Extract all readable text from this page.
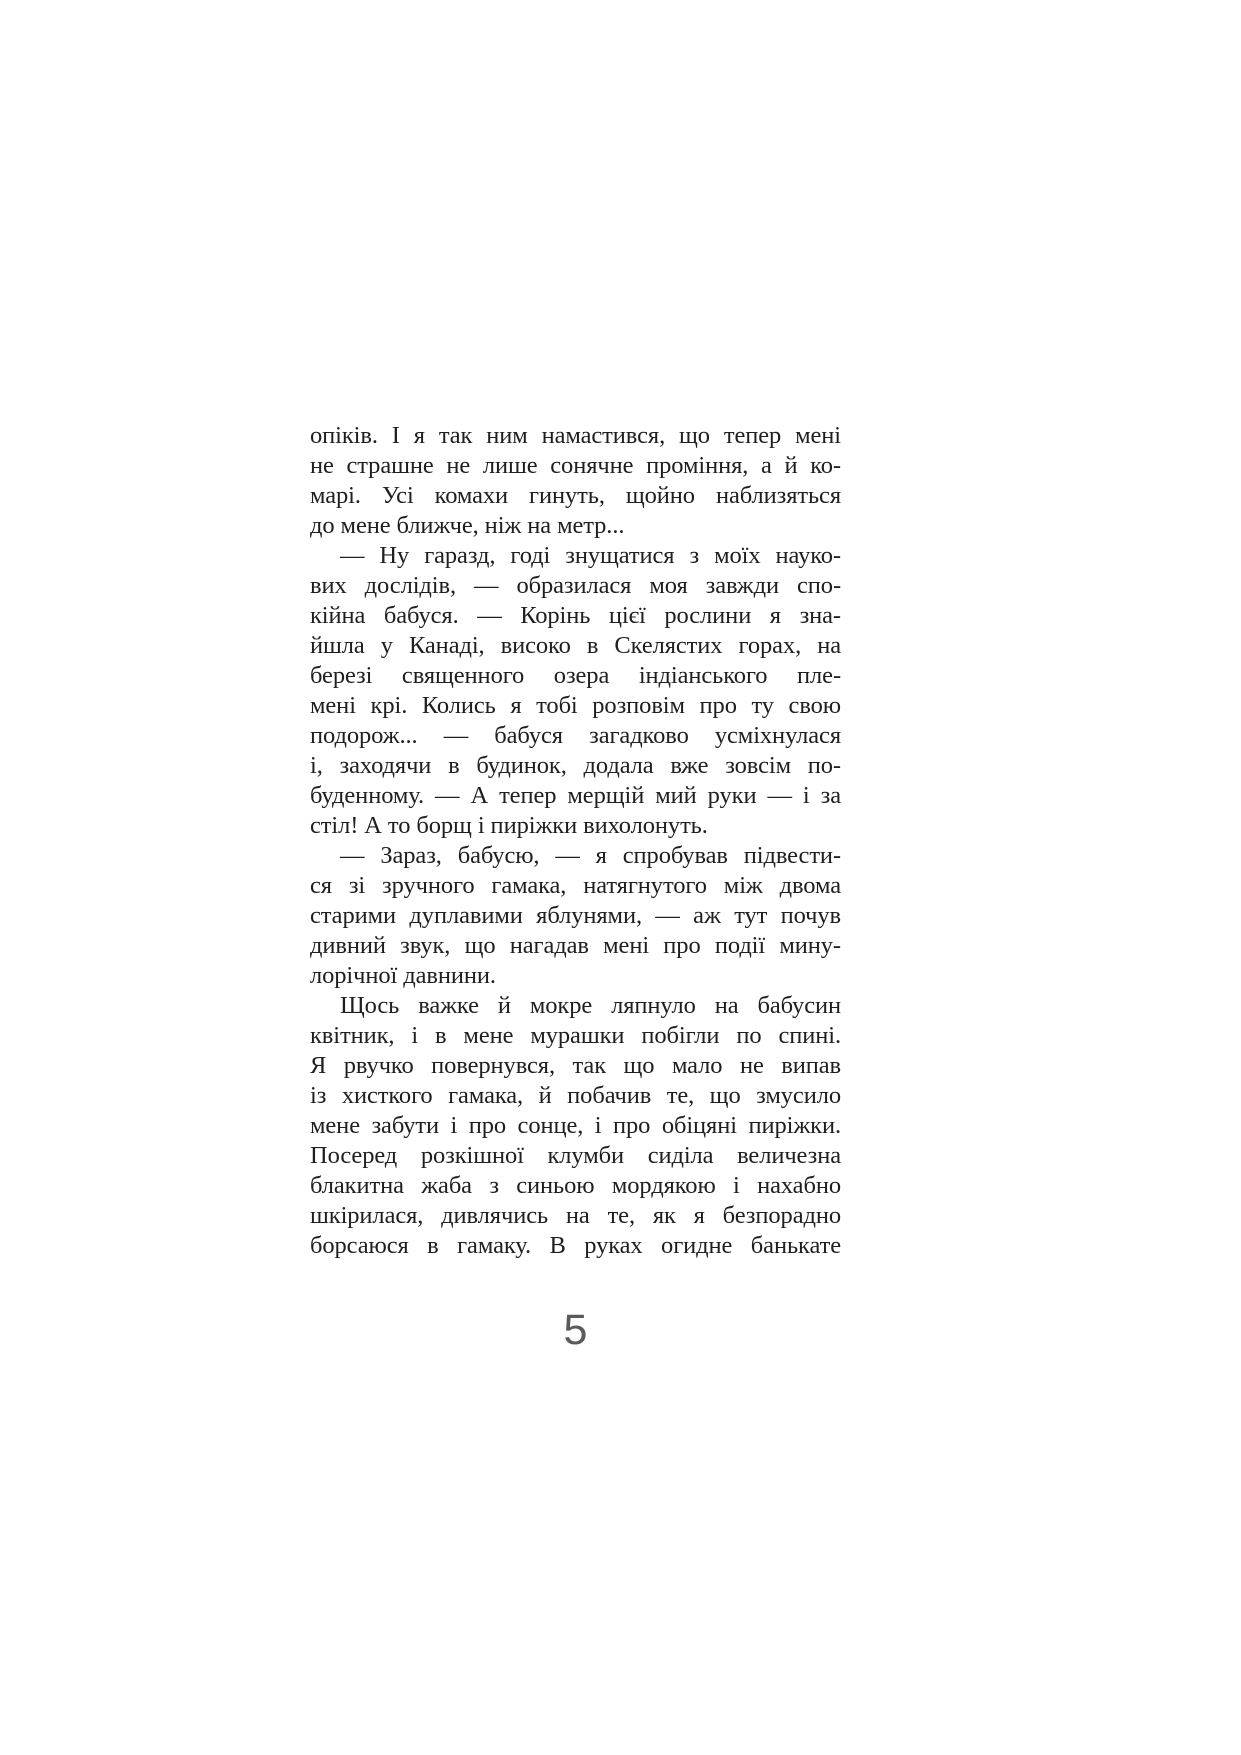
опіків. І я так ним намастився, що тепер мені
не страшне не лише сонячне проміння, а й ко-
марі. Усі комахи гинуть, щойно наблизяться
до мене ближче, ніж на метр...
— Ну гаразд, годі знущатися з моїх науко-
вих дослідів, — образилася моя завжди спо-
кійна бабуся. — Корінь цієї рослини я зна-
йшла у Канаді, високо в Скелястих горах, на
березі священного озера індіанського пле-
мені крі. Колись я тобі розповім про ту свою
подорож... — бабуся загадково усміхнулася
і, заходячи в будинок, додала вже зовсім по-
буденному. — А тепер мерщій мий руки — і за
стіл! А то борщ і пиріжки вихолонуть.
— Зараз, бабусю, — я спробував підвести-
ся зі зручного гамака, натягнутого між двома
старими дуплавими яблунями, — аж тут почув
дивний звук, що нагадав мені про події мину-
лорічної давнини.
Щось важке й мокре ляпнуло на бабусин
квітник, і в мене мурашки побігли по спині.
Я рвучко повернувся, так що мало не випав
із хисткого гамака, й побачив те, що змусило
мене забути і про сонце, і про обіцяні пиріжки.
Посеред розкішної клумби сиділа величезна
блакитна жаба з синьою мордякою і нахабно
шкірилася, дивлячись на те, як я безпорадно
борсаюся в гамаку. В руках огидне банькате
5
